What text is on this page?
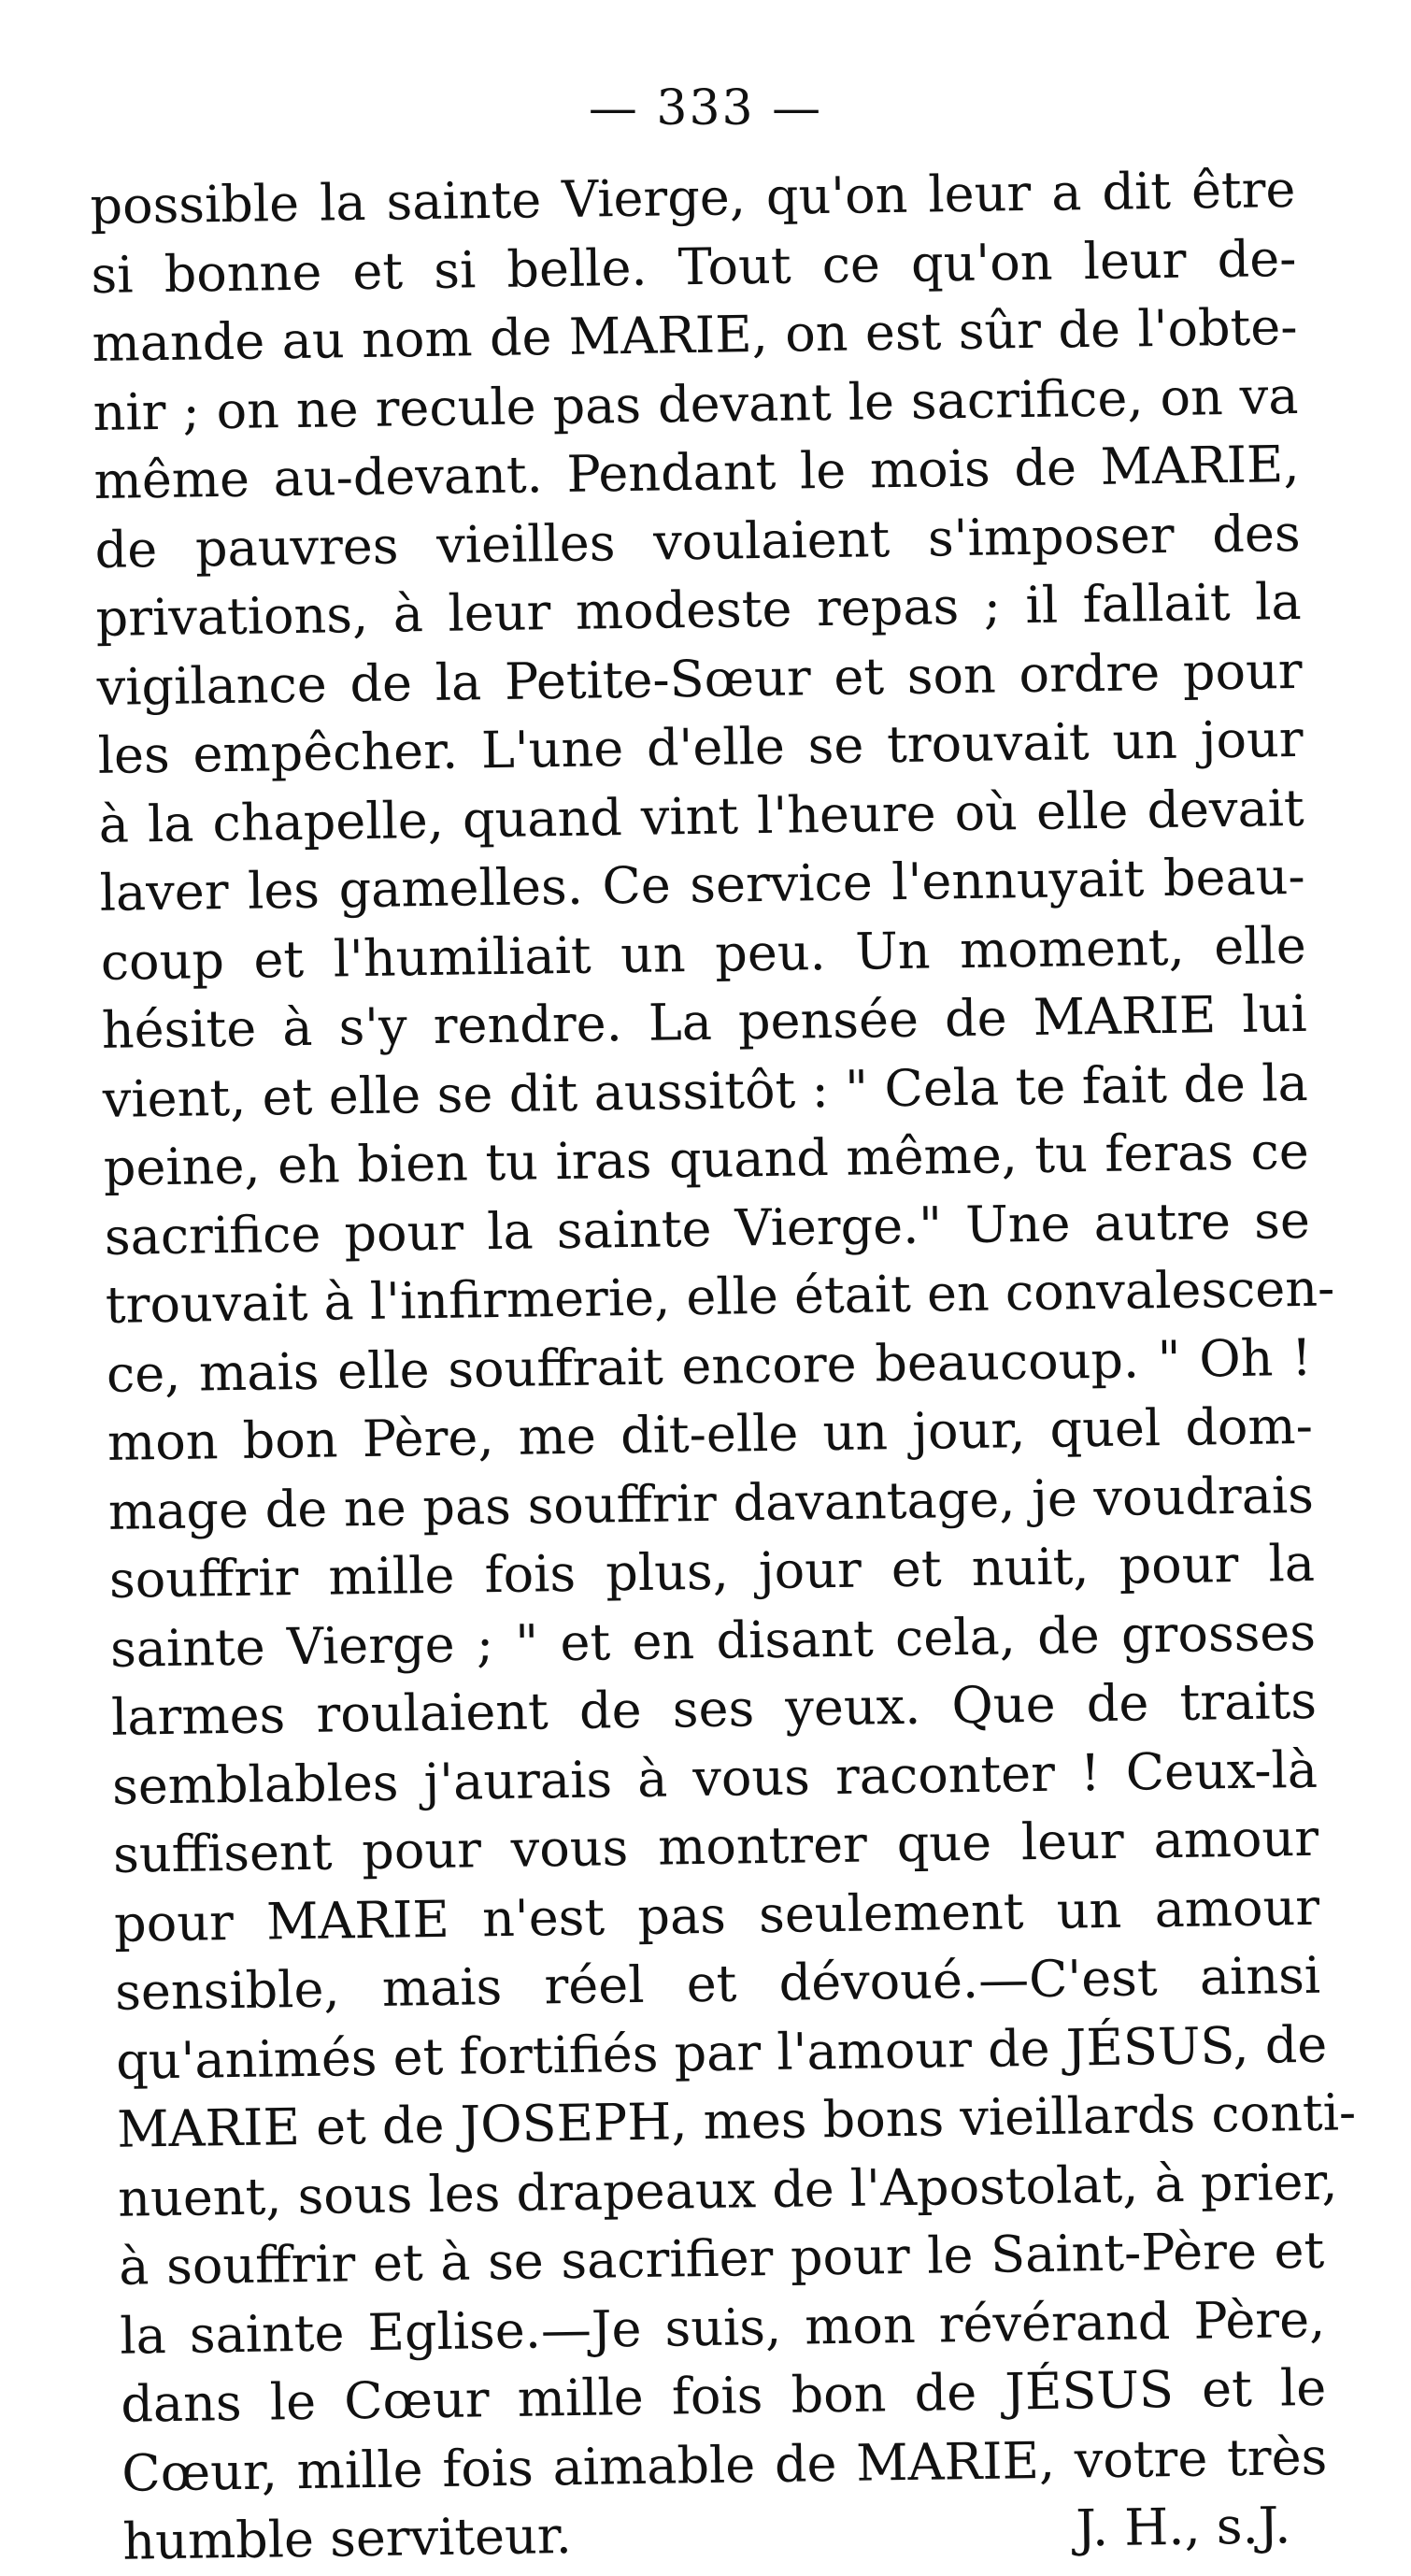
— 333 —
possible la sainte Vierge, qu'on leur a dit être
si bonne et si belle. Tout ce qu'on leur de-
mande au nom de MARIE, on est sûr de l'obte-
nir ; on ne recule pas devant le sacrifice, on va
même au-devant. Pendant le mois de MARIE,
de pauvres vieilles voulaient s'imposer des
privations, à leur modeste repas ; il fallait la
vigilance de la Petite-Sœur et son ordre pour
les empêcher. L'une d'elle se trouvait un jour
à la chapelle, quand vint l'heure où elle devait
laver les gamelles. Ce service l'ennuyait beau-
coup et l'humiliait un peu. Un moment, elle
hésite à s'y rendre. La pensée de MARIE lui
vient, et elle se dit aussitôt : " Cela te fait de la
peine, eh bien tu iras quand même, tu feras ce
sacrifice pour la sainte Vierge." Une autre se
trouvait à l'infirmerie, elle était en convalescen-
ce, mais elle souffrait encore beaucoup. " Oh !
mon bon Père, me dit-elle un jour, quel dom-
mage de ne pas souffrir davantage, je voudrais
souffrir mille fois plus, jour et nuit, pour la
sainte Vierge ; " et en disant cela, de grosses
larmes roulaient de ses yeux. Que de traits
semblables j'aurais à vous raconter ! Ceux-là
suffisent pour vous montrer que leur amour
pour MARIE n'est pas seulement un amour
sensible, mais réel et dévoué.—C'est ainsi
qu'animés et fortifiés par l'amour de JÉSUS, de
MARIE et de JOSEPH, mes bons vieillards conti-
nuent, sous les drapeaux de l'Apostolat, à prier,
à souffrir et à se sacrifier pour le Saint-Père et
la sainte Eglise.—Je suis, mon révérand Père,
dans le Cœur mille fois bon de JÉSUS et le
Cœur, mille fois aimable de MARIE, votre très
humble serviteur.	J. H., s.J.
